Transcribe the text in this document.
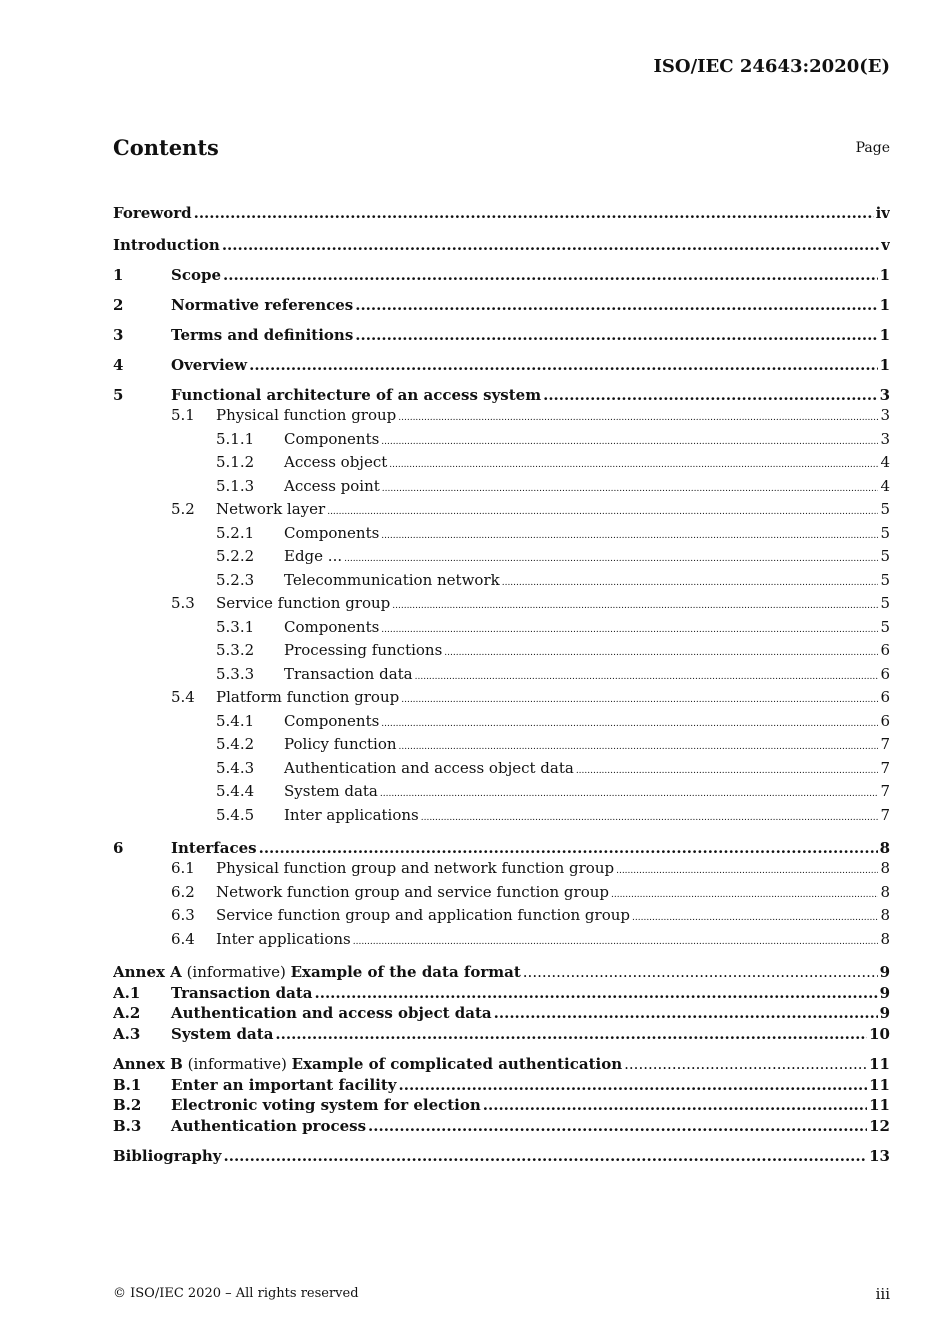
ISO/IEC 24643:2020(E)
Contents	Page
Foreword .....	iv
Introduction .....	v
1	Scope .....	1
2	Normative references .....	1
3	Terms and definitions .....	1
4	Overview .....	1
5	Functional architecture of an access system .....	3
5.1	Physical function group .....	3
5.1.1	Components .....	3
5.1.2	Access object .....	4
5.1.3	Access point .....	4
5.2	Network layer .....	5
5.2.1	Components .....	5
5.2.2	Edge ... .....	5
5.2.3	Telecommunication network .....	5
5.3	Service function group .....	5
5.3.1	Components .....	5
5.3.2	Processing functions .....	6
5.3.3	Transaction data .....	6
5.4	Platform function group .....	6
5.4.1	Components .....	6
5.4.2	Policy function .....	7
5.4.3	Authentication and access object data .....	7
5.4.4	System data .....	7
5.4.5	Inter applications .....	7
6	Interfaces .....	8
6.1	Physical function group and network function group .....	8
6.2	Network function group and service function group .....	8
6.3	Service function group and application function group .....	8
6.4	Inter applications .....	8
Annex A (informative) Example of the data format .....	9
A.1	Transaction data .....	9
A.2	Authentication and access object data .....	9
A.3	System data .....	10
Annex B (informative) Example of complicated authentication .....	11
B.1	Enter an important facility .....	11
B.2	Electronic voting system for election .....	11
B.3	Authentication process .....	12
Bibliography .....	13
© ISO/IEC 2020 – All rights reserved	iii
